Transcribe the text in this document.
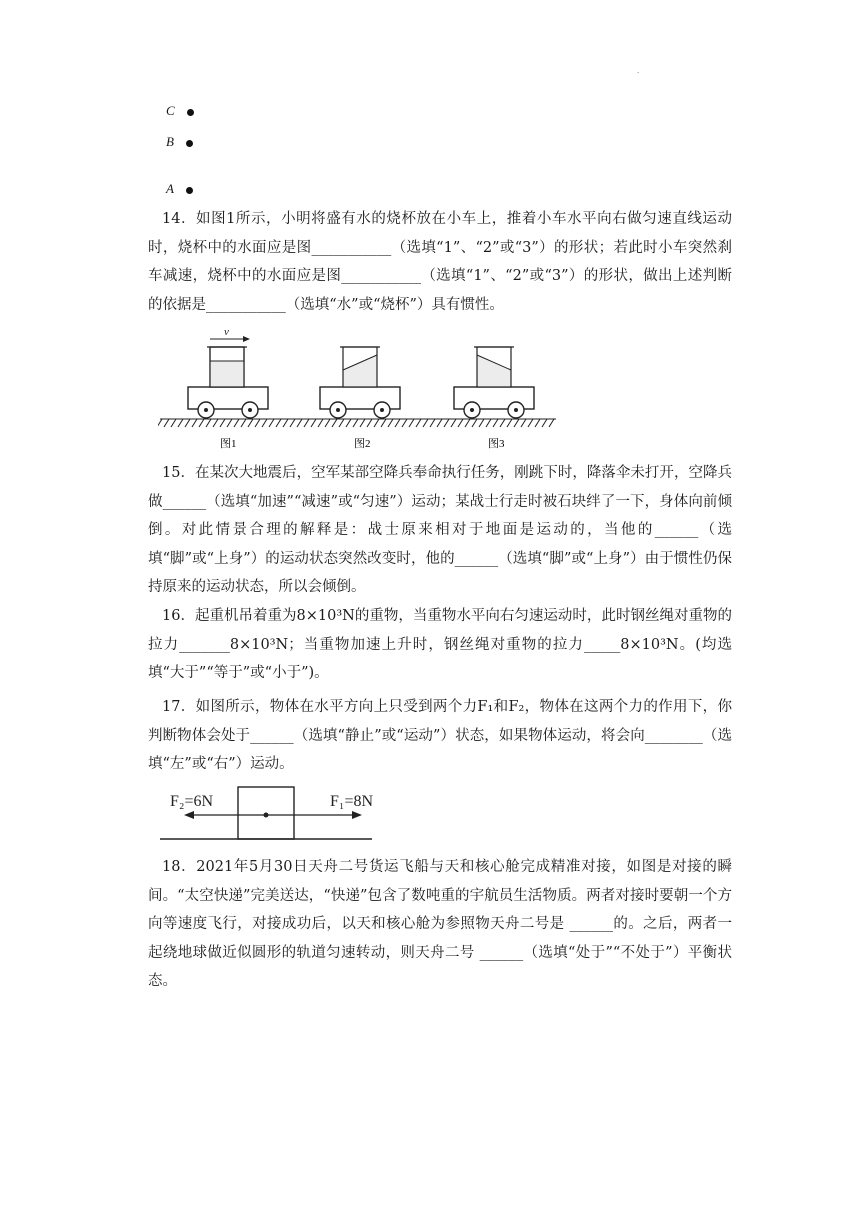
.
C
B
A

14．如图1所示，小明将盛有水的烧杯放在小车上，推着小车水平向右做匀速直线运动时，烧杯中的水面应是图___________（选填“1”、“2”或“3”）的形状；若此时小车突然刹车减速，烧杯中的水面应是图___________（选填“1”、“2”或“3”）的形状，做出上述判断的依据是___________（选填“水”或“烧杯”）具有惯性。

v
图1	图2	图3

15．在某次大地震后，空军某部空降兵奉命执行任务，刚跳下时，降落伞未打开，空降兵做______（选填“加速”“减速”或“匀速”）运动；某战士行走时被石块绊了一下，身体向前倾倒。对此情景合理的解释是：战士原来相对于地面是运动的，当他的______（选填“脚”或“上身”）的运动状态突然改变时，他的______（选填“脚”或“上身”）由于惯性仍保持原来的运动状态，所以会倾倒。

16．起重机吊着重为8×10³N的重物，当重物水平向右匀速运动时，此时钢丝绳对重物的拉力_______8×10³N；当重物加速上升时，钢丝绳对重物的拉力_____8×10³N。(均选填“大于”“等于”或“小于”)。

17．如图所示，物体在水平方向上只受到两个力F₁和F₂，物体在这两个力的作用下，你判断物体会处于______（选填“静止”或“运动”）状态，如果物体运动，将会向________（选填“左”或“右”）运动。

F₂=6N	F₁=8N

18．2021年5月30日天舟二号货运飞船与天和核心舱完成精准对接，如图是对接的瞬间。“太空快递”完美送达，“快递”包含了数吨重的宇航员生活物质。两者对接时要朝一个方向等速度飞行，对接成功后，以天和核心舱为参照物天舟二号是 ______的。之后，两者一起绕地球做近似圆形的轨道匀速转动，则天舟二号 ______（选填“处于”“不处于”）平衡状态。
